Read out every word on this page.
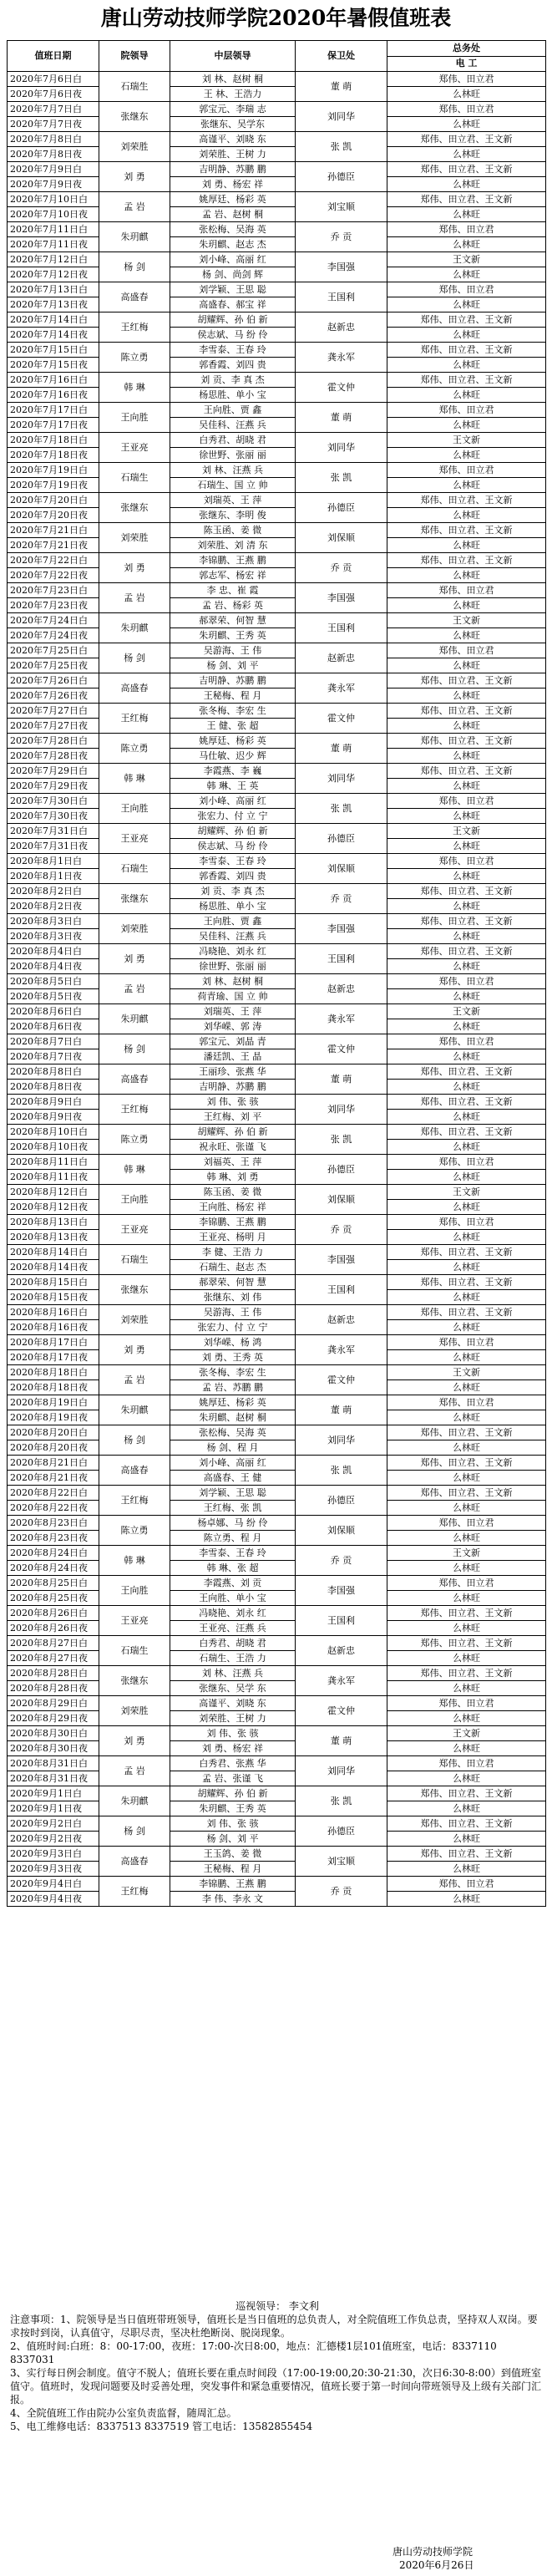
唐山劳动技师学院2020年暑假值班表
值班日期	院领导	中层领导	保卫处	总务处
				电 工
2020年7月6日白	石瑞生	刘 林、赵树 桐	董 萌	郑伟、田立君
2020年7月6日夜		王 林、王浩力		么林旺
2020年7月7日白	张继东	郭宝元、李瑞 志	刘同华	郑伟、田立君
2020年7月7日夜		张继东、吴学东		么林旺
2020年7月8日白	刘荣胜	高谨平、刘晓 东	张 凯	郑伟、田立君、王文新
2020年7月8日夜		刘荣胜、王树 力		么林旺
2020年7月9日白	刘 勇	吉明静、苏鹏 鹏	孙德臣	郑伟、田立君、王文新
2020年7月9日夜		刘 勇、杨宏 祥		么林旺
2020年7月10日白	孟 岩	姚厚廷、杨彩 英	刘宝顺	郑伟、田立君、王文新
2020年7月10日夜		孟 岩、赵树 桐		么林旺
2020年7月11日白	朱玥麒	张松梅、吴海 英	乔 贡	郑伟、田立君
2020年7月11日夜		朱玥麒、赵志 杰		么林旺
2020年7月12日白	杨 剑	刘小峰、高丽 红	李国强	王文新
2020年7月12日夜		杨 剑、尚剑 辉		么林旺
2020年7月13日白	高盛春	刘学颖、王思 聪	王国利	郑伟、田立君
2020年7月13日夜		高盛春、郝宝 祥		么林旺
2020年7月14日白	王红梅	胡耀辉、孙 伯 新	赵新忠	郑伟、田立君、王文新
2020年7月14日夜		侯志斌、马 纷 伶		么林旺
2020年7月15日白	陈立勇	李雪泰、王春 玲	龚永军	郑伟、田立君、王文新
2020年7月15日夜		郭香霞、刘四 贵		么林旺
2020年7月16日白	韩 琳	刘 贡、李 真 杰	霍文仲	郑伟、田立君、王文新
2020年7月16日夜		杨思胜、单小 宝		么林旺
2020年7月17日白	王向胜	王向胜、贾 鑫	董 萌	郑伟、田立君
2020年7月17日夜		吴佳科、汪燕 兵		么林旺
2020年7月18日白	王亚亮	白秀君、胡晓 君	刘同华	王文新
2020年7月18日夜		徐世野、张丽 丽		么林旺
2020年7月19日白	石瑞生	刘 林、汪燕 兵	张 凯	郑伟、田立君
2020年7月19日夜		石瑞生、国 立 帅		么林旺
2020年7月20日白	张继东	刘瑞英、王 萍	孙德臣	郑伟、田立君、王文新
2020年7月20日夜		张继东、李明 俊		么林旺
2020年7月21日白	刘荣胜	陈玉函、姜 微	刘保顺	郑伟、田立君、王文新
2020年7月21日夜		刘荣胜、刘 清 东		么林旺
2020年7月22日白	刘 勇	李锦鹏、王燕 鹏	乔 贡	郑伟、田立君、王文新
2020年7月22日夜		郭志军、杨宏 祥		么林旺
2020年7月23日白	孟 岩	李 忠、崔 霞	李国强	郑伟、田立君
2020年7月23日夜		孟 岩、杨彩 英		么林旺
2020年7月24日白	朱玥麒	郝翠荣、何智 慧	王国利	王文新
2020年7月24日夜		朱玥麒、王秀 英		么林旺
2020年7月25日白	杨 剑	吴游海、王 伟	赵新忠	郑伟、田立君
2020年7月25日夜		杨 剑、刘 平		么林旺
2020年7月26日白	高盛春	吉明静、苏鹏 鹏	龚永军	郑伟、田立君、王文新
2020年7月26日夜		王秘梅、程 月		么林旺
2020年7月27日白	王红梅	张冬梅、李宏 生	霍文仲	郑伟、田立君、王文新
2020年7月27日夜		王 健、张 超		么林旺
2020年7月28日白	陈立勇	姚厚廷、杨彩 英	董 萌	郑伟、田立君、王文新
2020年7月28日夜		马仕敏、迟少 辉		么林旺
2020年7月29日白	韩 琳	李霞燕、李 巍	刘同华	郑伟、田立君、王文新
2020年7月29日夜		韩 琳、王 英		么林旺
2020年7月30日白	王向胜	刘小峰、高丽 红	张 凯	郑伟、田立君
2020年7月30日夜		张宏力、付 立 宁		么林旺
2020年7月31日白	王亚亮	胡耀辉、孙 伯 新	孙德臣	王文新
2020年7月31日夜		侯志斌、马 纷 伶		么林旺
2020年8月1日白	石瑞生	李雪泰、王春 玲	刘保顺	郑伟、田立君
2020年8月1日夜		郭香霞、刘四 贵		么林旺
2020年8月2日白	张继东	刘 贡、李 真 杰	乔 贡	郑伟、田立君、王文新
2020年8月2日夜		杨思胜、单小 宝		么林旺
2020年8月3日白	刘荣胜	王向胜、贾 鑫	李国强	郑伟、田立君、王文新
2020年8月3日夜		吴佳科、汪燕 兵		么林旺
2020年8月4日白	刘 勇	冯晓艳、刘永 红	王国利	郑伟、田立君、王文新
2020年8月4日夜		徐世野、张丽 丽		么林旺
2020年8月5日白	孟 岩	刘 林、赵树 桐	赵新忠	郑伟、田立君
2020年8月5日夜		荷青瑜、国 立 帅		么林旺
2020年8月6日白	朱玥麒	刘瑞英、王 萍	龚永军	王文新
2020年8月6日夜		刘华嵘、郭 涛		么林旺
2020年8月7日白	杨 剑	郭宝元、刘晶 青	霍文仲	郑伟、田立君
2020年8月7日夜		潘廷凯、王 晶		么林旺
2020年8月8日白	高盛春	王丽珍、张燕 华	董 萌	郑伟、田立君、王文新
2020年8月8日夜		吉明静、苏鹏 鹏		么林旺
2020年8月9日白	王红梅	刘 伟、张 骇	刘同华	郑伟、田立君、王文新
2020年8月9日夜		王红梅、刘 平		么林旺
2020年8月10日白	陈立勇	胡耀辉、孙 伯 新	张 凯	郑伟、田立君、王文新
2020年8月10日夜		祝永旺、张谨 飞		么林旺
2020年8月11日白	韩 琳	刘福英、王 萍	孙德臣	郑伟、田立君
2020年8月11日夜		韩 琳、刘 勇		么林旺
2020年8月12日白	王向胜	陈玉函、姜 微	刘保顺	王文新
2020年8月12日夜		王向胜、杨宏 祥		么林旺
2020年8月13日白	王亚亮	李锦鹏、王燕 鹏	乔 贡	郑伟、田立君
2020年8月13日夜		王亚亮、杨明 月		么林旺
2020年8月14日白	石瑞生	李 健、王浩 力	李国强	郑伟、田立君、王文新
2020年8月14日夜		石瑞生、赵志 杰		么林旺
2020年8月15日白	张继东	郝翠荣、何智 慧	王国利	郑伟、田立君、王文新
2020年8月15日夜		张继东、刘 伟		么林旺
2020年8月16日白	刘荣胜	吴游海、王 伟	赵新忠	郑伟、田立君、王文新
2020年8月16日夜		张宏力、付 立 宁		么林旺
2020年8月17日白	刘 勇	刘华嵘、杨 鸿	龚永军	郑伟、田立君
2020年8月17日夜		刘 勇、王秀 英		么林旺
2020年8月18日白	孟 岩	张冬梅、李宏 生	霍文仲	王文新
2020年8月18日夜		孟 岩、苏鹏 鹏		么林旺
2020年8月19日白	朱玥麒	姚厚廷、杨彩 英	董 萌	郑伟、田立君
2020年8月19日夜		朱玥麒、赵树 桐		么林旺
2020年8月20日白	杨 剑	张松梅、吴海 英	刘同华	郑伟、田立君、王文新
2020年8月20日夜		杨 剑、程 月		么林旺
2020年8月21日白	高盛春	刘小峰、高丽 红	张 凯	郑伟、田立君、王文新
2020年8月21日夜		高盛春、王 健		么林旺
2020年8月22日白	王红梅	刘学颖、王思 聪	孙德臣	郑伟、田立君、王文新
2020年8月22日夜		王红梅、张 凯		么林旺
2020年8月23日白	陈立勇	杨卓娜、马 纷 伶	刘保顺	郑伟、田立君
2020年8月23日夜		陈立勇、程 月		么林旺
2020年8月24日白	韩 琳	李雪泰、王春 玲	乔 贡	王文新
2020年8月24日夜		韩 琳、张 超		么林旺
2020年8月25日白	王向胜	李霞燕、刘 贡	李国强	郑伟、田立君
2020年8月25日夜		王向胜、单小 宝		么林旺
2020年8月26日白	王亚亮	冯晓艳、刘永 红	王国利	郑伟、田立君、王文新
2020年8月26日夜		王亚亮、汪燕 兵		么林旺
2020年8月27日白	石瑞生	白秀君、胡晓 君	赵新忠	郑伟、田立君、王文新
2020年8月27日夜		石瑞生、王浩 力		么林旺
2020年8月28日白	张继东	刘 林、汪燕 兵	龚永军	郑伟、田立君、王文新
2020年8月28日夜		张继东、吴学 东		么林旺
2020年8月29日白	刘荣胜	高谨平、刘晓 东	霍文仲	郑伟、田立君
2020年8月29日夜		刘荣胜、王树 力		么林旺
2020年8月30日白	刘 勇	刘 伟、张 骇	董 萌	王文新
2020年8月30日夜		刘 勇、杨宏 祥		么林旺
2020年8月31日白	孟 岩	白秀君、张燕 华	刘同华	郑伟、田立君
2020年8月31日夜		孟 岩、张谨 飞		么林旺
2020年9月1日白	朱玥麒	胡耀辉、孙 伯 新	张 凯	郑伟、田立君、王文新
2020年9月1日夜		朱玥麒、王秀 英		么林旺
2020年9月2日白	杨 剑	刘 伟、张 骇	孙德臣	郑伟、田立君、王文新
2020年9月2日夜		杨 剑、刘 平		么林旺
2020年9月3日白	高盛春	王玉鸽、姜 微	刘宝顺	郑伟、田立君、王文新
2020年9月3日夜		王秘梅、程 月		么林旺
2020年9月4日白	王红梅	李锦鹏、王燕 鹏	乔 贡	郑伟、田立君
2020年9月4日夜		李 伟、李永 文		么林旺

巡视领导： 李文利

注意事项：1、院领导是当日值班带班领导，值班长是当日值班的总负责人，对全院值班工作负总责，坚持双人双岗。要求按时到岗，认真值守，尽职尽责，坚决杜绝断岗、脱岗现象。

2、值班时间:白班：8：00-17:00，夜班：17:00-次日8:00，地点：汇德楼1层101值班室，电话：8337110 8337031

3、实行每日例会制度。值守不脱人；值班长要在重点时间段（17:00-19:00,20:30-21:30，次日6:30-8:00）到值班室值守。值班时，发现问题要及时妥善处理，突发事件和紧急重要情况，值班长要于第一时间向带班领导及上级有关部门汇报。

4、全院值班工作由院办公室负责监督，随周汇总。

5、电工维修电话：8337513 8337519 管工电话：13582855454

唐山劳动技师学院
2020年6月26日
